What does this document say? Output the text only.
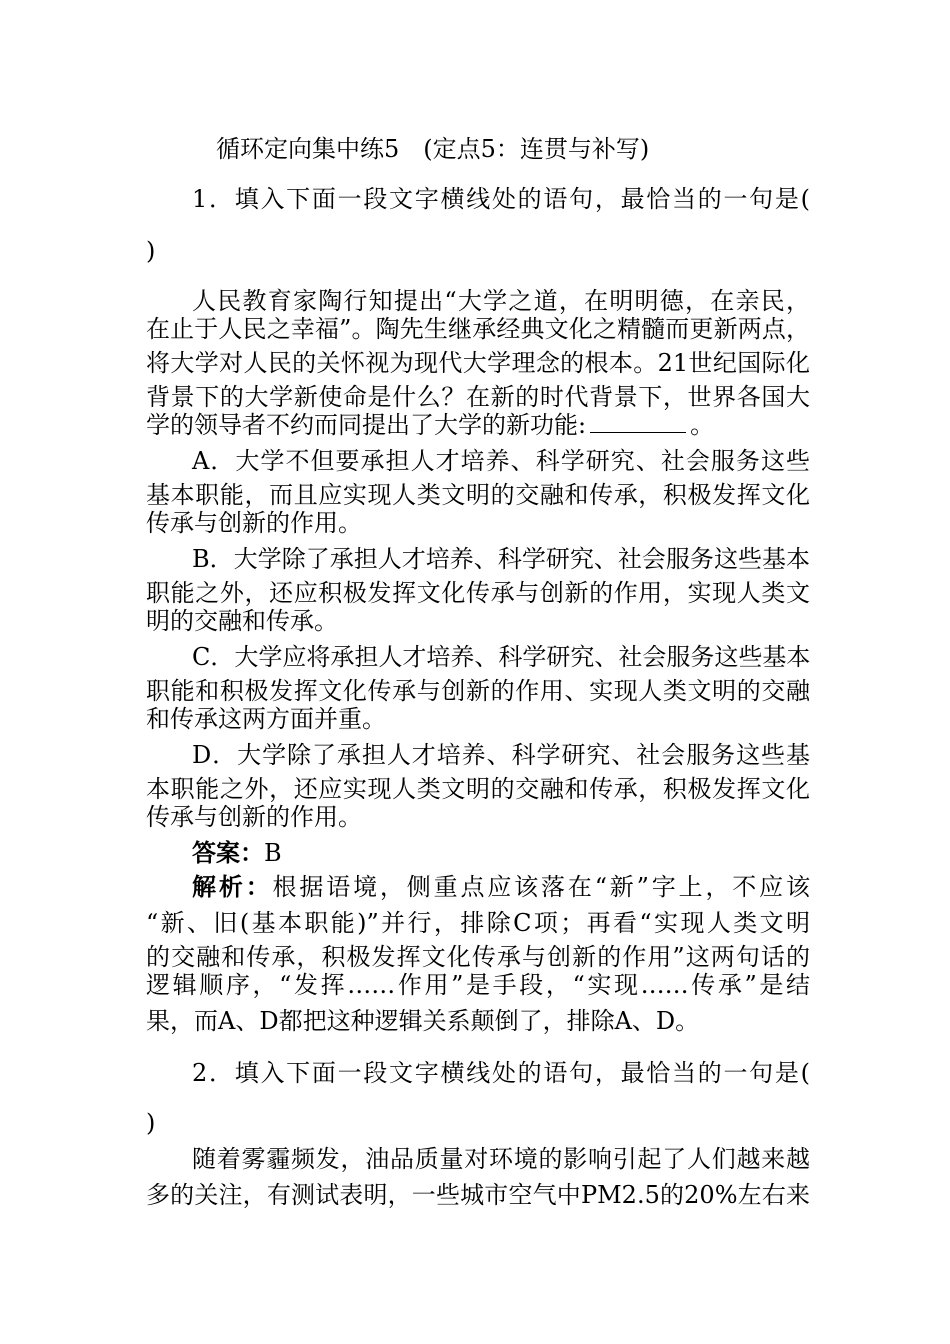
循环定向集中练5　(定点5：连贯与补写)
1．填入下面一段文字横线处的语句，最恰当的一句是(
)
人民教育家陶行知提出“大学之道，在明明德，在亲民，
在止于人民之幸福”。陶先生继承经典文化之精髓而更新两点，
将大学对人民的关怀视为现代大学理念的根本。21世纪国际化
背景下的大学新使命是什么？在新的时代背景下，世界各国大
学的领导者不约而同提出了大学的新功能:	。
A．大学不但要承担人才培养、科学研究、社会服务这些
基本职能，而且应实现人类文明的交融和传承，积极发挥文化
传承与创新的作用。
B．大学除了承担人才培养、科学研究、社会服务这些基本
职能之外，还应积极发挥文化传承与创新的作用，实现人类文
明的交融和传承。
C．大学应将承担人才培养、科学研究、社会服务这些基本
职能和积极发挥文化传承与创新的作用、实现人类文明的交融
和传承这两方面并重。
D．大学除了承担人才培养、科学研究、社会服务这些基
本职能之外，还应实现人类文明的交融和传承，积极发挥文化
传承与创新的作用。
答案：B
解析：根据语境，侧重点应该落在“新”字上，不应该
“新、旧(基本职能)”并行，排除C项；再看“实现人类文明
的交融和传承，积极发挥文化传承与创新的作用”这两句话的
逻辑顺序，“发挥……作用”是手段，“实现……传承”是结
果，而A、D都把这种逻辑关系颠倒了，排除A、D。
2．填入下面一段文字横线处的语句，最恰当的一句是(
)
随着雾霾频发，油品质量对环境的影响引起了人们越来越
多的关注，有测试表明，一些城市空气中PM2.5的20%左右来
